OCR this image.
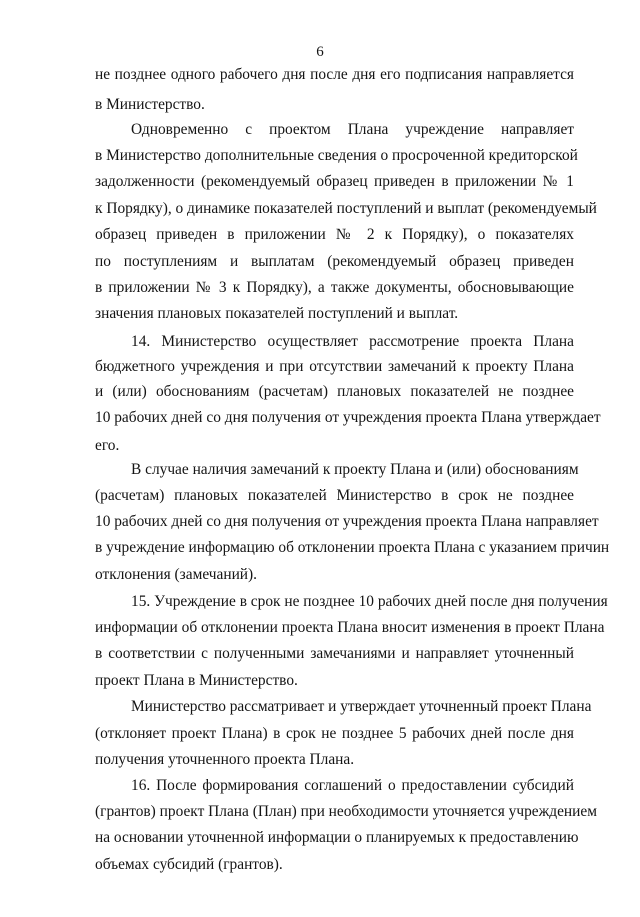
6
не позднее одного рабочего дня после дня его подписания направляется
в Министерство.
Одновременно с проектом Плана учреждение направляет
в Министерство дополнительные сведения о просроченной кредиторской
задолженности (рекомендуемый образец приведен в приложении № 1
к Порядку), о динамике показателей поступлений и выплат (рекомендуемый
образец приведен в приложении № 2 к Порядку), о показателях
по поступлениям и выплатам (рекомендуемый образец приведен
в приложении № 3 к Порядку), а также документы, обосновывающие
значения плановых показателей поступлений и выплат.
14. Министерство осуществляет рассмотрение проекта Плана
бюджетного учреждения и при отсутствии замечаний к проекту Плана
и (или) обоснованиям (расчетам) плановых показателей не позднее
10 рабочих дней со дня получения от учреждения проекта Плана утверждает
его.
В случае наличия замечаний к проекту Плана и (или) обоснованиям
(расчетам) плановых показателей Министерство в срок не позднее
10 рабочих дней со дня получения от учреждения проекта Плана направляет
в учреждение информацию об отклонении проекта Плана с указанием причин
отклонения (замечаний).
15. Учреждение в срок не позднее 10 рабочих дней после дня получения
информации об отклонении проекта Плана вносит изменения в проект Плана
в соответствии с полученными замечаниями и направляет уточненный
проект Плана в Министерство.
Министерство рассматривает и утверждает уточненный проект Плана
(отклоняет проект Плана) в срок не позднее 5 рабочих дней после дня
получения уточненного проекта Плана.
16. После формирования соглашений о предоставлении субсидий
(грантов) проект Плана (План) при необходимости уточняется учреждением
на основании уточненной информации о планируемых к предоставлению
объемах субсидий (грантов).
